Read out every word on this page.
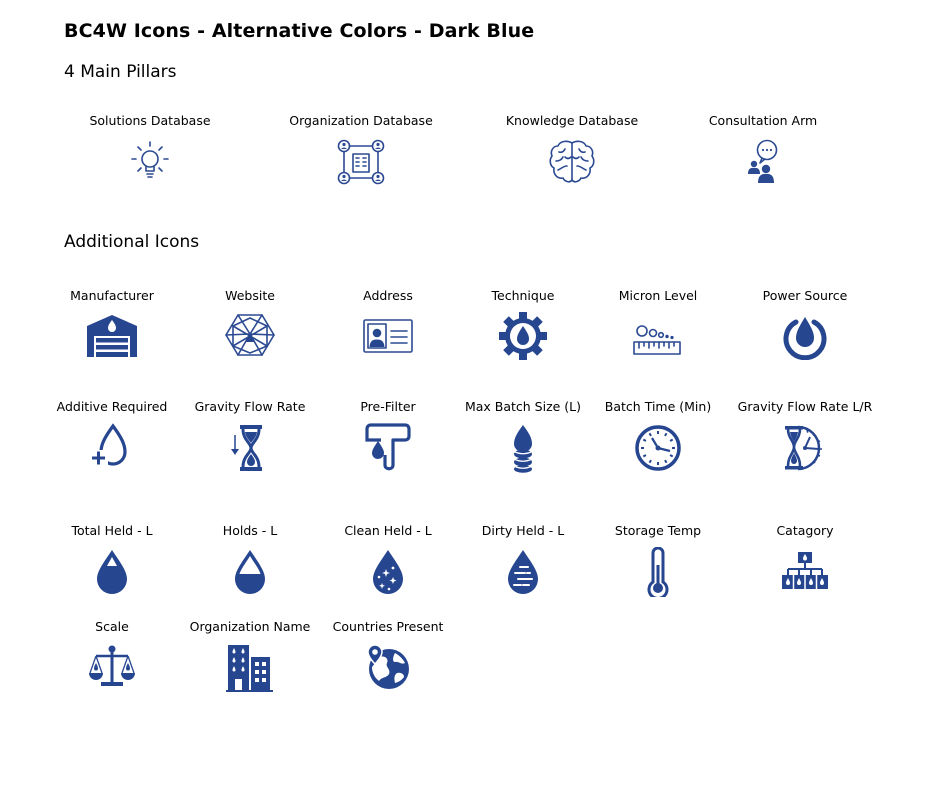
BC4W Icons - Alternative Colors - Dark Blue
4 Main Pillars
Solutions Database	Organization Database	Knowledge Database	Consultation Arm
Additional Icons
Manufacturer	Website	Address	Technique	Micron Level	Power Source
Additive Required	Gravity Flow Rate	Pre-Filter	Max Batch Size (L)	Batch Time (Min)	Gravity Flow Rate L/R
Total Held - L	Holds - L	Clean Held - L	Dirty Held - L	Storage Temp	Catagory
Scale	Organization Name	Countries Present
